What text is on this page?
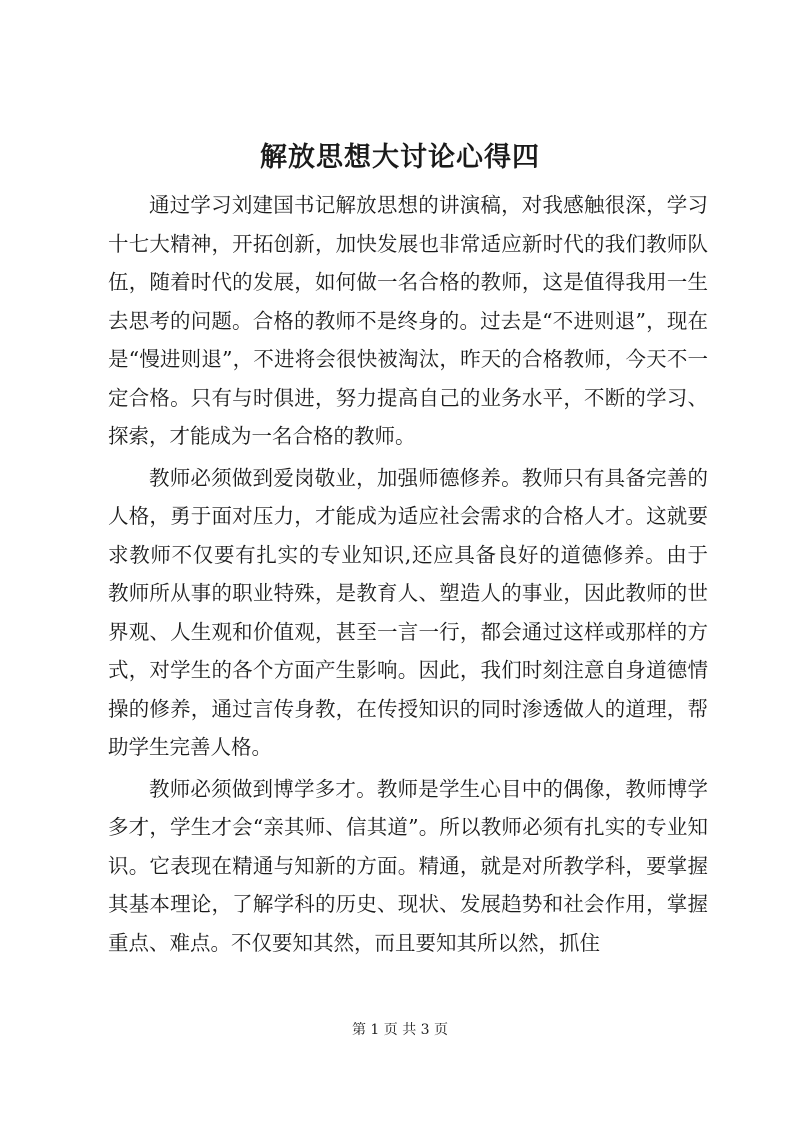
解放思想大讨论心得四

通过学习刘建国书记解放思想的讲演稿，对我感触很深，学习十七大精神，开拓创新，加快发展也非常适应新时代的我们教师队伍，随着时代的发展，如何做一名合格的教师，这是值得我用一生去思考的问题。合格的教师不是终身的。过去是“不进则退”，现在是“慢进则退”，不进将会很快被淘汰，昨天的合格教师，今天不一定合格。只有与时俱进，努力提高自己的业务水平，不断的学习、探索，才能成为一名合格的教师。

教师必须做到爱岗敬业，加强师德修养。教师只有具备完善的人格，勇于面对压力，才能成为适应社会需求的合格人才。这就要求教师不仅要有扎实的专业知识,还应具备良好的道德修养。由于教师所从事的职业特殊，是教育人、塑造人的事业，因此教师的世界观、人生观和价值观，甚至一言一行，都会通过这样或那样的方式，对学生的各个方面产生影响。因此，我们时刻注意自身道德情操的修养，通过言传身教，在传授知识的同时渗透做人的道理，帮助学生完善人格。

教师必须做到博学多才。教师是学生心目中的偶像，教师博学多才，学生才会“亲其师、信其道”。所以教师必须有扎实的专业知识。它表现在精通与知新的方面。精通，就是对所教学科，要掌握其基本理论，了解学科的历史、现状、发展趋势和社会作用，掌握重点、难点。不仅要知其然，而且要知其所以然，抓住

第 1 页 共 3 页
